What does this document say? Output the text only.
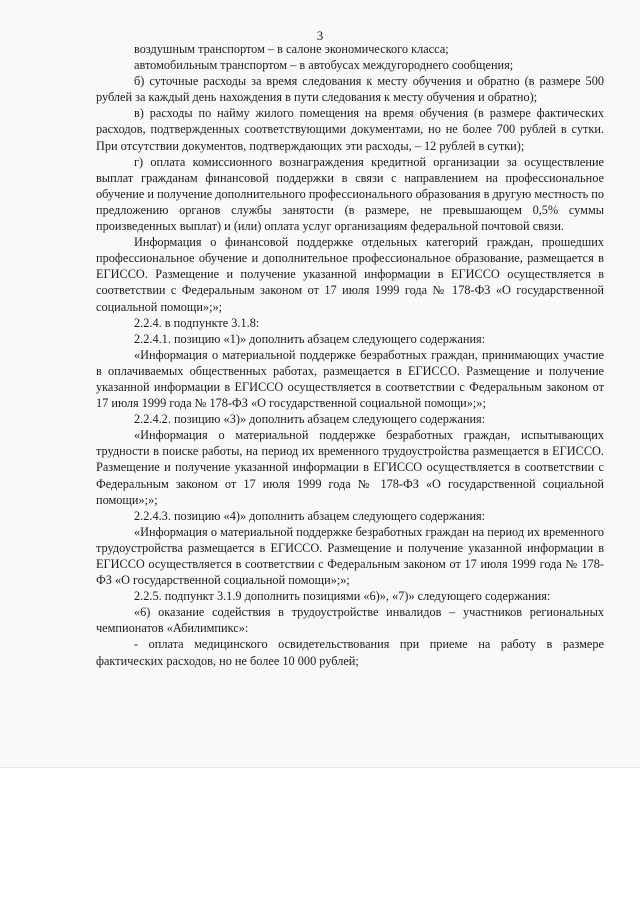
3

воздушным транспортом – в салоне экономического класса;

автомобильным транспортом – в автобусах междугороднего сообщения;

б) суточные расходы за время следования к месту обучения и обратно (в размере 500 рублей за каждый день нахождения в пути следования к месту обучения и обратно);

в) расходы по найму жилого помещения на время обучения (в размере фактических расходов, подтвержденных соответствующими документами, но не более 700 рублей в сутки. При отсутствии документов, подтверждающих эти расходы, – 12 рублей в сутки);

г) оплата комиссионного вознаграждения кредитной организации за осуществление выплат гражданам финансовой поддержки в связи с направлением на профессиональное обучение и получение дополнительного профессионального образования в другую местность по предложению органов службы занятости (в размере, не превышающем 0,5% суммы произведенных выплат) и (или) оплата услуг организациям федеральной почтовой связи.

Информация о финансовой поддержке отдельных категорий граждан, прошедших профессиональное обучение и дополнительное профессиональное образование, размещается в ЕГИССО. Размещение и получение указанной информации в ЕГИССО осуществляется в соответствии с Федеральным законом от 17 июля 1999 года № 178-ФЗ «О государственной социальной помощи»;»;

2.2.4. в подпункте 3.1.8:

2.2.4.1. позицию «1)» дополнить абзацем следующего содержания:

«Информация о материальной поддержке безработных граждан, принимающих участие в оплачиваемых общественных работах, размещается в ЕГИССО. Размещение и получение указанной информации в ЕГИССО осуществляется в соответствии с Федеральным законом от 17 июля 1999 года № 178-ФЗ «О государственной социальной помощи»;»;

2.2.4.2. позицию «3)» дополнить абзацем следующего содержания:

«Информация о материальной поддержке безработных граждан, испытывающих трудности в поиске работы, на период их временного трудоустройства размещается в ЕГИССО. Размещение и получение указанной информации в ЕГИССО осуществляется в соответствии с Федеральным законом от 17 июля 1999 года № 178-ФЗ «О государственной социальной помощи»;»;

2.2.4.3. позицию «4)» дополнить абзацем следующего содержания:

«Информация о материальной поддержке безработных граждан на период их временного трудоустройства размещается в ЕГИССО. Размещение и получение указанной информации в ЕГИССО осуществляется в соответствии с Федеральным законом от 17 июля 1999 года № 178-ФЗ «О государственной социальной помощи»;»;

2.2.5. подпункт 3.1.9 дополнить позициями «6)», «7)» следующего содержания:

«6) оказание содействия в трудоустройстве инвалидов – участников региональных чемпионатов «Абилимпикс»:

- оплата медицинского освидетельствования при приеме на работу в размере фактических расходов, но не более 10 000 рублей;
